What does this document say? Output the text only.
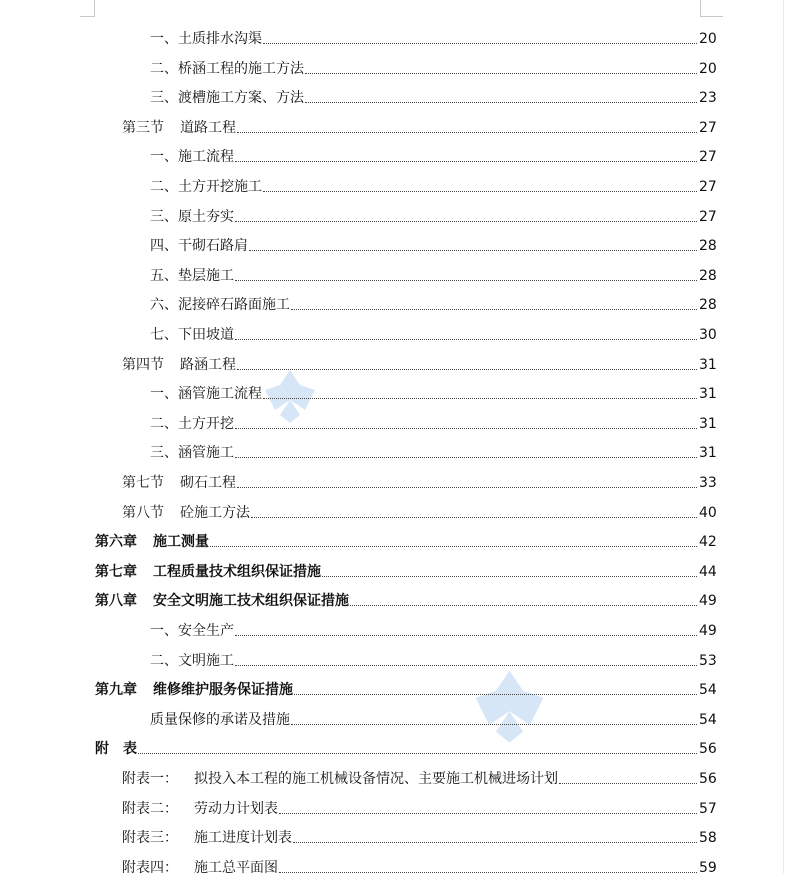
一、土质排水沟渠	20
二、桥涵工程的施工方法	20
三、渡槽施工方案、方法	23
第三节 道路工程	27
一、施工流程	27
二、土方开挖施工	27
三、原土夯实	27
四、干砌石路肩	28
五、垫层施工	28
六、泥接碎石路面施工	28
七、下田坡道	30
第四节 路涵工程	31
一、涵管施工流程	31
二、土方开挖	31
三、涵管施工	31
第七节 砌石工程	33
第八节 砼施工方法	40
第六章 施工测量	42
第七章 工程质量技术组织保证措施	44
第八章 安全文明施工技术组织保证措施	49
一、安全生产	49
二、文明施工	53
第九章 维修维护服务保证措施	54
质量保修的承诺及措施	54
附 表	56
附表一： 拟投入本工程的施工机械设备情况、主要施工机械进场计划	56
附表二： 劳动力计划表	57
附表三： 施工进度计划表	58
附表四： 施工总平面图	59
